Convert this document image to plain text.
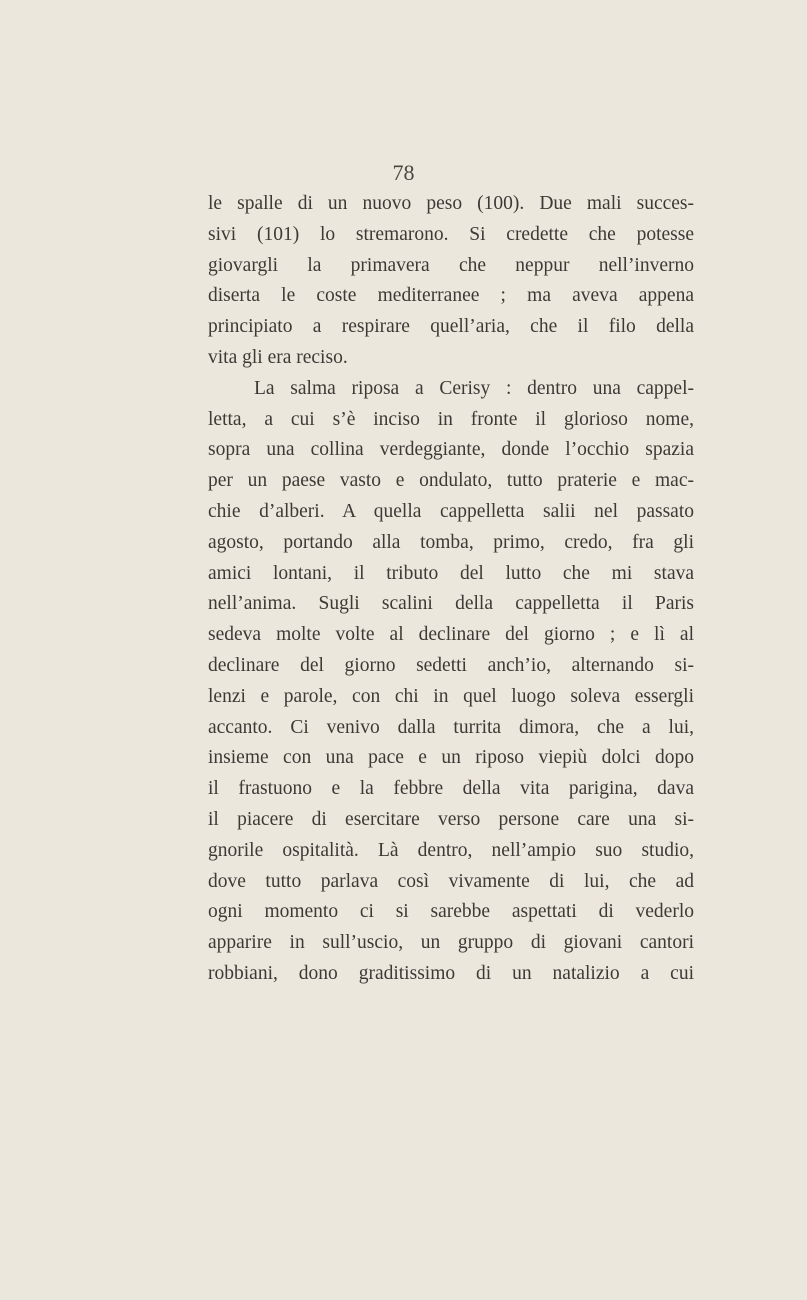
78
le spalle di un nuovo peso (100). Due mali succes-
sivi (101) lo stremarono. Si credette che potesse
giovargli la primavera che neppur nell’inverno
diserta le coste mediterranee ; ma aveva appena
principiato a respirare quell’aria, che il filo della
vita gli era reciso.
La salma riposa a Cerisy : dentro una cappel-
letta, a cui s’è inciso in fronte il glorioso nome,
sopra una collina verdeggiante, donde l’occhio spazia
per un paese vasto e ondulato, tutto praterie e mac-
chie d’alberi. A quella cappelletta salii nel passato
agosto, portando alla tomba, primo, credo, fra gli
amici lontani, il tributo del lutto che mi stava
nell’anima. Sugli scalini della cappelletta il Paris
sedeva molte volte al declinare del giorno ; e lì al
declinare del giorno sedetti anch’io, alternando si-
lenzi e parole, con chi in quel luogo soleva essergli
accanto. Ci venivo dalla turrita dimora, che a lui,
insieme con una pace e un riposo viepiù dolci dopo
il frastuono e la febbre della vita parigina, dava
il piacere di esercitare verso persone care una si-
gnorile ospitalità. Là dentro, nell’ampio suo studio,
dove tutto parlava così vivamente di lui, che ad
ogni momento ci si sarebbe aspettati di vederlo
apparire in sull’uscio, un gruppo di giovani cantori
robbiani, dono graditissimo di un natalizio a cui
